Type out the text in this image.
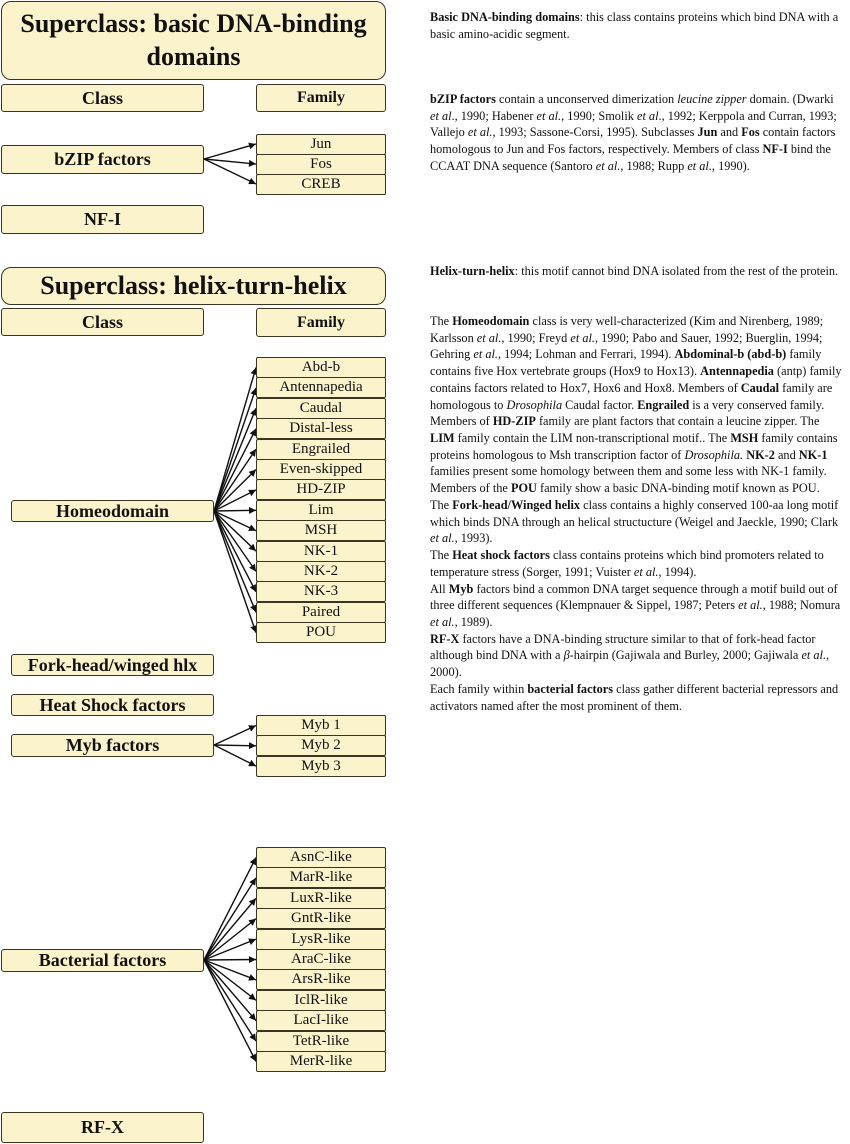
Superclass: basic DNA-binding domains
Class	Family
bZIP factors
Jun
Fos
CREB
NF-I
Superclass: helix-turn-helix
Class	Family
Homeodomain
Abd-b
Antennapedia
Caudal
Distal-less
Engrailed
Even-skipped
HD-ZIP
Lim
MSH
NK-1
NK-2
NK-3
Paired
POU
Fork-head/winged hlx
Heat Shock factors
Myb factors
Myb 1
Myb 2
Myb 3
Bacterial factors
AsnC-like
MarR-like
LuxR-like
GntR-like
LysR-like
AraC-like
ArsR-like
IclR-like
LacI-like
TetR-like
MerR-like
RF-X

Basic DNA-binding domains: this class contains proteins which bind DNA with a basic amino-acidic segment.

bZIP factors contain a unconserved dimerization leucine zipper domain. (Dwarki et al., 1990; Habener et al., 1990; Smolik et al., 1992; Kerppola and Curran, 1993; Vallejo et al., 1993; Sassone-Corsi, 1995). Subclasses Jun and Fos contain factors homologous to Jun and Fos factors, respectively. Members of class NF-I bind the CCAAT DNA sequence (Santoro et al., 1988; Rupp et al., 1990).

Helix-turn-helix: this motif cannot bind DNA isolated from the rest of the protein.

The Homeodomain class is very well-characterized (Kim and Nirenberg, 1989; Karlsson et al., 1990; Freyd et al., 1990; Pabo and Sauer, 1992; Buerglin, 1994; Gehring et al., 1994; Lohman and Ferrari, 1994). Abdominal-b (abd-b) family contains five Hox vertebrate groups (Hox9 to Hox13). Antennapedia (antp) family contains factors related to Hox7, Hox6 and Hox8. Members of Caudal family are homologous to Drosophila Caudal factor. Engrailed is a very conserved family. Members of HD-ZIP family are plant factors that contain a leucine zipper. The LIM family contain the LIM non-transcriptional motif.. The MSH family contains proteins homologous to Msh transcription factor of Drosophila. NK-2 and NK-1 families present some homology between them and some less with NK-1 family.

Members of the POU family show a basic DNA-binding motif known as POU.

The Fork-head/Winged helix class contains a highly conserved 100-aa long motif which binds DNA through an helical structucture (Weigel and Jaeckle, 1990; Clark et al., 1993).

The Heat shock factors class contains proteins which bind promoters related to temperature stress (Sorger, 1991; Vuister et al., 1994).

All Myb factors bind a common DNA target sequence through a motif build out of three different sequences (Klempnauer & Sippel, 1987; Peters et al., 1988; Nomura et al., 1989).

RF-X factors have a DNA-binding structure similar to that of fork-head factor although bind DNA with a β-hairpin (Gajiwala and Burley, 2000; Gajiwala et al., 2000).

Each family within bacterial factors class gather different bacterial repressors and activators named after the most prominent of them.
